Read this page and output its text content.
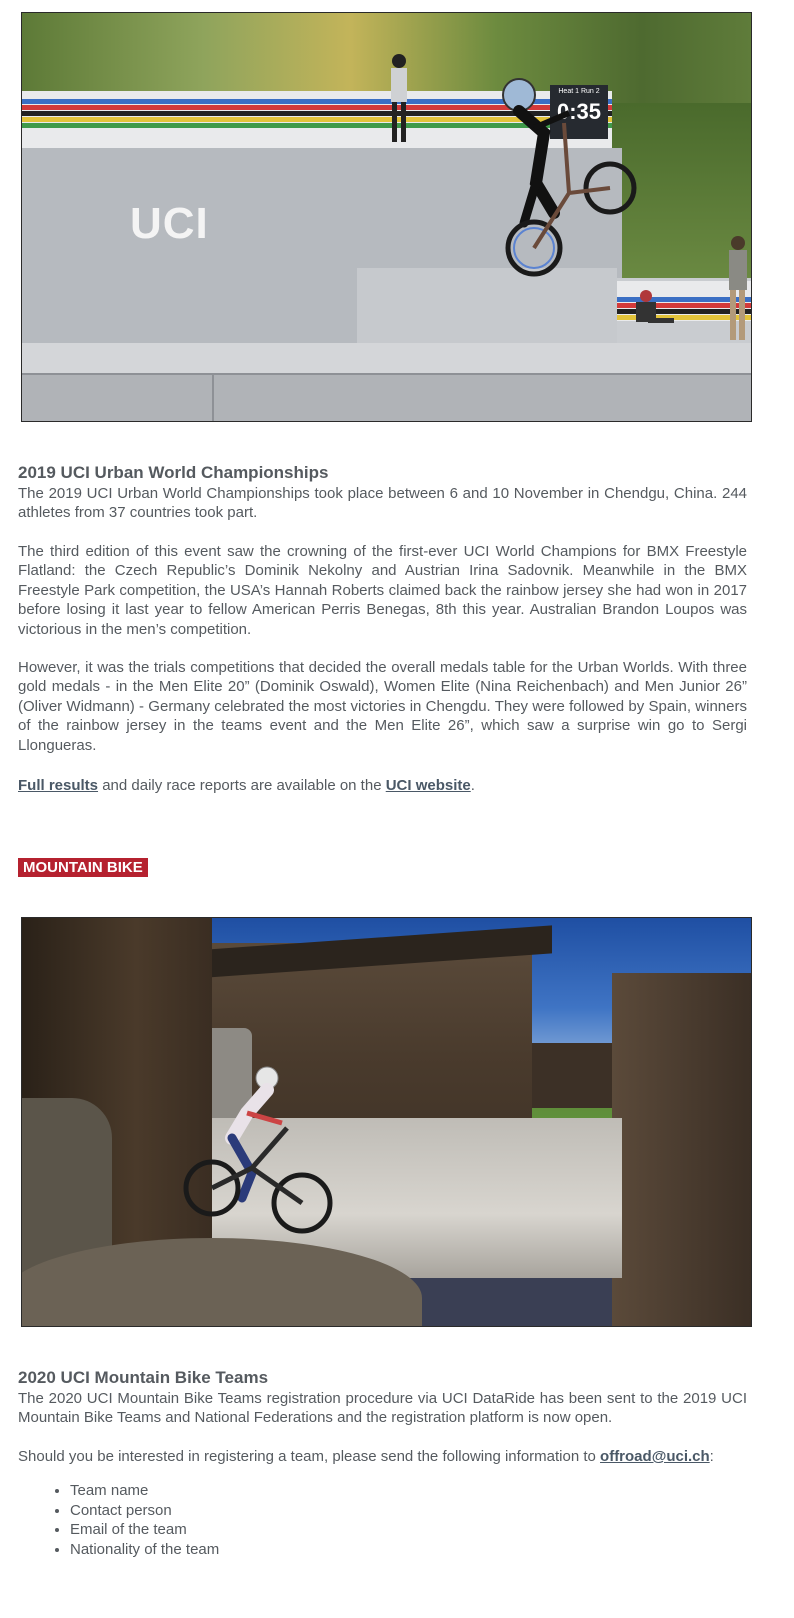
UCI
Heat 1 Run 2
0:35
2019 UCI Urban World Championships

The 2019 UCI Urban World Championships took place between 6 and 10 November in Chendgu, China. 244 athletes from 37 countries took part.

The third edition of this event saw the crowning of the first-ever UCI World Champions for BMX Freestyle Flatland: the Czech Republic’s Dominik Nekolny and Austrian Irina Sadovnik. Meanwhile in the BMX Freestyle Park competition, the USA’s Hannah Roberts claimed back the rainbow jersey she had won in 2017 before losing it last year to fellow American Perris Benegas, 8th this year. Australian Brandon Loupos was victorious in the men’s competition.

However, it was the trials competitions that decided the overall medals table for the Urban Worlds. With three gold medals - in the Men Elite 20” (Dominik Oswald), Women Elite (Nina Reichenbach) and Men Junior 26” (Oliver Widmann) - Germany celebrated the most victories in Chengdu. They were followed by Spain, winners of the rainbow jersey in the teams event and the Men Elite 26”, which saw a surprise win go to Sergi Llongueras.

Full results and daily race reports are available on the UCI website.

MOUNTAIN BIKE
2020 UCI Mountain Bike Teams

The 2020 UCI Mountain Bike Teams registration procedure via UCI DataRide has been sent to the 2019 UCI Mountain Bike Teams and National Federations and the registration platform is now open.

Should you be interested in registering a team, please send the following information to offroad@uci.ch:

• Team name
• Contact person
• Email of the team
• Nationality of the team
